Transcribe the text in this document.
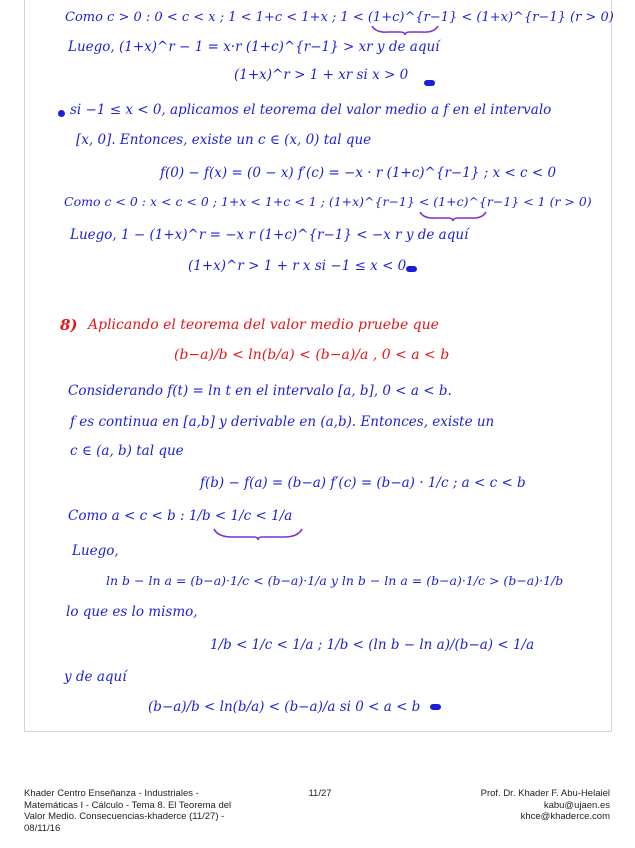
Como c > 0 : 0 < c < x ; 1 < 1+c < 1+x ; 1 < (1+c)^{r−1} < (1+x)^{r−1} (r > 0)
Luego, (1+x)^r − 1 = x·r (1+c)^{r−1} > xr y de aquí
(1+x)^r > 1 + xr si x > 0
si −1 ≤ x < 0, aplicamos el teorema del valor medio a f en el intervalo
[x, 0]. Entonces, existe un c ∈ (x, 0) tal que
f(0) − f(x) = (0 − x) f′(c) = −x · r (1+c)^{r−1} ; x < c < 0
Como c < 0 : x < c < 0 ; 1+x < 1+c < 1 ; (1+x)^{r−1} < (1+c)^{r−1} < 1 (r > 0)
Luego, 1 − (1+x)^r = −x r (1+c)^{r−1} < −x r y de aquí
(1+x)^r > 1 + r x si −1 ≤ x < 0
8) Aplicando el teorema del valor medio pruebe que
(b−a)/b < ln(b/a) < (b−a)/a , 0 < a < b
Considerando f(t) = ln t en el intervalo [a, b], 0 < a < b.
f es continua en [a,b] y derivable en (a,b). Entonces, existe un
c ∈ (a, b) tal que
f(b) − f(a) = (b−a) f′(c) = (b−a) · 1/c ; a < c < b
Como a < c < b : 1/b < 1/c < 1/a
Luego,
ln b − ln a = (b−a)·1/c < (b−a)·1/a y ln b − ln a = (b−a)·1/c > (b−a)·1/b
lo que es lo mismo,
1/b < 1/c < 1/a ; 1/b < (ln b − ln a)/(b−a) < 1/a
y de aquí
(b−a)/b < ln(b/a) < (b−a)/a si 0 < a < b
Khader Centro Enseñanza - Industriales -
Matemáticas I - Cálculo - Tema 8. El Teorema del
Valor Medio. Consecuencias-khaderce (11/27) -
08/11/16
11/27	Prof. Dr. Khader F. Abu-Helaiel
kabu@ujaen.es
khce@khaderce.com
